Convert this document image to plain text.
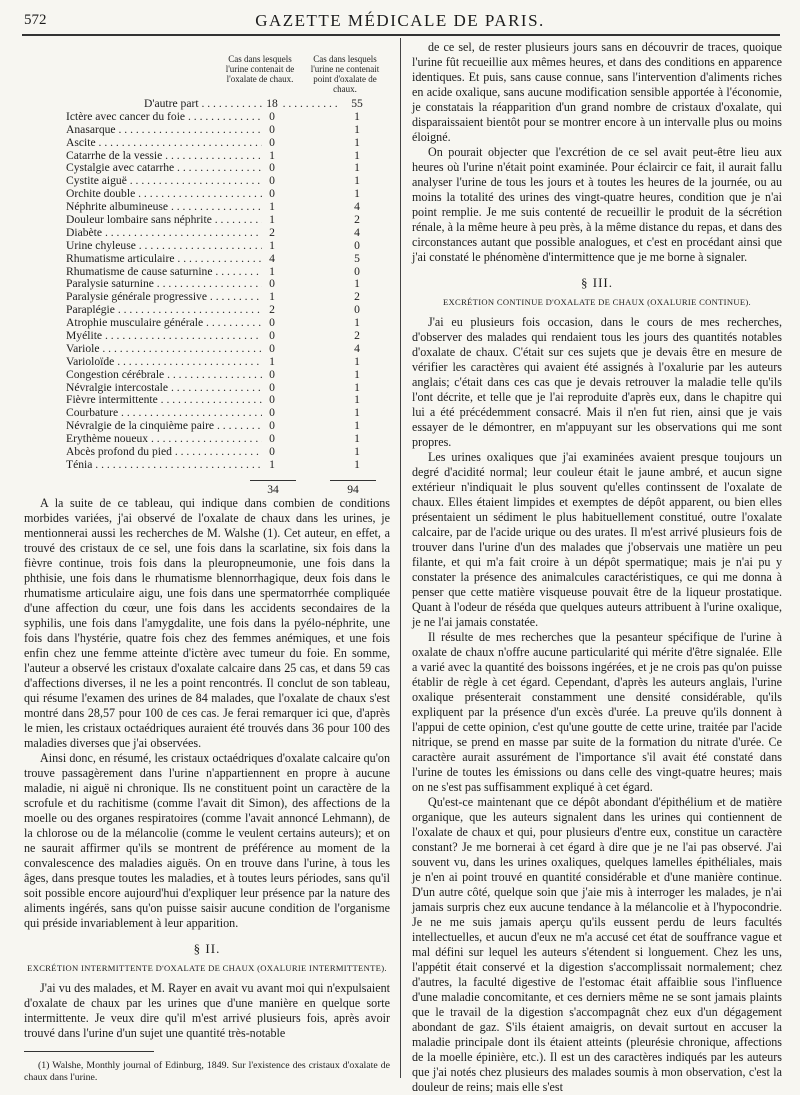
572	GAZETTE MÉDICALE DE PARIS.
Cas dans lesquels l'urine contenait de l'oxalate de chaux.
Cas dans lesquels l'urine ne contenait point d'oxalate de chaux.
D'autre part . . .	18	55
Ictère avec cancer du foie . . .	0	1
Anasarque . . .	0	1
Ascite . . .	0	1
Catarrhe de la vessie . . .	1	1
Cystalgie avec catarrhe . . .	0	1
Cystite aiguë . . .	0	1
Orchite double . . .	0	1
Néphrite albumineuse . . .	1	4
Douleur lombaire sans néphrite . . .	1	2
Diabète . . .	2	4
Urine chyleuse . . .	1	0
Rhumatisme articulaire . . .	4	5
Rhumatisme de cause saturnine . . .	1	0
Paralysie saturnine . . .	0	1
Paralysie générale progressive . . .	1	2
Paraplégie . . .	2	0
Atrophie musculaire générale . . .	0	1
Myélite . . .	0	2
Variole . . .	0	4
Varioloïde . . .	1	1
Congestion cérébrale . . .	0	1
Névralgie intercostale . . .	0	1
Fièvre intermittente . . .	0	1
Courbature . . .	0	1
Névralgie de la cinquième paire . . .	0	1
Erythème noueux . . .	0	1
Abcès profond du pied . . .	0	1
Ténia . . .	1	1
34	94

A la suite de ce tableau, qui indique dans combien de conditions morbides variées, j'ai observé de l'oxalate de chaux dans les urines, je mentionnerai aussi les recherches de M. Walshe (1). Cet auteur, en effet, a trouvé des cristaux de ce sel, une fois dans la scarlatine, six fois dans la fièvre continue, trois fois dans la pleuropneumonie, une fois dans la phthisie, une fois dans le rhumatisme blennorrhagique, deux fois dans le rhumatisme articulaire aigu, une fois dans une spermatorrhée compliquée d'une affection du cœur, une fois dans les accidents secondaires de la syphilis, une fois dans l'amygdalite, une fois dans la pyélo-néphrite, une fois dans l'hystérie, quatre fois chez des femmes anémiques, et une fois enfin chez une femme atteinte d'ictère avec tumeur du foie. En somme, l'auteur a observé les cristaux d'oxalate calcaire dans 25 cas, et dans 59 cas d'affections diverses, il ne les a point rencontrés. Il conclut de son tableau, qui résume l'examen des urines de 84 malades, que l'oxalate de chaux s'est montré dans 28,57 pour 100 de ces cas. Je ferai remarquer ici que, d'après le mien, les cristaux octaédriques auraient été trouvés dans 36 pour 100 des maladies diverses que j'ai observées.

Ainsi donc, en résumé, les cristaux octaédriques d'oxalate calcaire qu'on trouve passagèrement dans l'urine n'appartiennent en propre à aucune maladie, ni aiguë ni chronique. Ils ne constituent point un caractère de la scrofule et du rachitisme (comme l'avait dit Simon), des affections de la moelle ou des organes respiratoires (comme l'avait annoncé Lehmann), de la chlorose ou de la mélancolie (comme le veulent certains auteurs); et on ne saurait affirmer qu'ils se montrent de préférence au moment de la convalescence des maladies aiguës. On en trouve dans l'urine, à tous les âges, dans presque toutes les maladies, et à toutes leurs périodes, sans qu'il soit possible encore aujourd'hui d'expliquer leur présence par la nature des aliments ingérés, sans qu'on puisse saisir aucune condition de l'organisme qui préside invariablement à leur apparition.

§ II.
EXCRÉTION INTERMITTENTE D'OXALATE DE CHAUX (OXALURIE INTERMITTENTE).

J'ai vu des malades, et M. Rayer en avait vu avant moi qui n'expulsaient d'oxalate de chaux par les urines que d'une manière en quelque sorte intermittente. Je veux dire qu'il m'est arrivé plusieurs fois, après avoir trouvé dans l'urine d'un sujet une quantité très-notable

(1) Walshe, Monthly journal of Edinburg, 1849. Sur l'existence des cristaux d'oxalate de chaux dans l'urine.

de ce sel, de rester plusieurs jours sans en découvrir de traces, quoique l'urine fût recueillie aux mêmes heures, et dans des conditions en apparence identiques. Et puis, sans cause connue, sans l'intervention d'aliments riches en acide oxalique, sans aucune modification sensible apportée à l'économie, je constatais la réapparition d'un grand nombre de cristaux d'oxalate, qui disparaissaient bientôt pour se montrer encore à un intervalle plus ou moins éloigné.

On pourait objecter que l'excrétion de ce sel avait peut-être lieu aux heures où l'urine n'était point examinée. Pour éclaircir ce fait, il aurait fallu analyser l'urine de tous les jours et à toutes les heures de la journée, ou au moins la totalité des urines des vingt-quatre heures, condition que je n'ai point remplie. Je me suis contenté de recueillir le produit de la sécrétion rénale, à la même heure à peu près, à la même distance du repas, et dans des circonstances autant que possible analogues, et c'est en procédant ainsi que j'ai constaté le phénomène d'intermittence que je me borne à signaler.

§ III.
EXCRÉTION CONTINUE D'OXALATE DE CHAUX (OXALURIE CONTINUE).

J'ai eu plusieurs fois occasion, dans le cours de mes recherches, d'observer des malades qui rendaient tous les jours des quantités notables d'oxalate de chaux. C'était sur ces sujets que je devais être en mesure de vérifier les caractères qui avaient été assignés à l'oxalurie par les auteurs anglais; c'était dans ces cas que je devais retrouver la maladie telle qu'ils l'ont décrite, et telle que je l'ai reproduite d'après eux, dans le chapitre qui lui a été précédemment consacré. Mais il n'en fut rien, ainsi que je vais essayer de le démontrer, en m'appuyant sur les observations qui me sont propres.

Les urines oxaliques que j'ai examinées avaient presque toujours un degré d'acidité normal; leur couleur était le jaune ambré, et aucun signe extérieur n'indiquait le plus souvent qu'elles continssent de l'oxalate de chaux. Elles étaient limpides et exemptes de dépôt apparent, ou bien elles présentaient un sédiment le plus habituellement constitué, outre l'oxalate calcaire, par de l'acide urique ou des urates. Il m'est arrivé plusieurs fois de trouver dans l'urine d'un des malades que j'observais une matière un peu filante, et qui m'a fait croire à un dépôt spermatique; mais je n'ai pu y constater la présence des animalcules caractéristiques, ce qui me donna à penser que cette matière visqueuse pouvait être de la liqueur prostatique. Quant à l'odeur de réséda que quelques auteurs attribuent à l'urine oxalique, je ne l'ai jamais constatée.

Il résulte de mes recherches que la pesanteur spécifique de l'urine à oxalate de chaux n'offre aucune particularité qui mérite d'être signalée. Elle a varié avec la quantité des boissons ingérées, et je ne crois pas qu'on puisse établir de règle à cet égard. Cependant, d'après les auteurs anglais, l'urine oxalique présenterait constamment une densité considérable, qu'ils expliquent par la présence d'un excès d'urée. La preuve qu'ils donnent à l'appui de cette opinion, c'est qu'une goutte de cette urine, traitée par l'acide nitrique, se prend en masse par suite de la formation du nitrate d'urée. Ce caractère aurait assurément de l'importance s'il avait été constaté dans l'urine de toutes les émissions ou dans celle des vingt-quatre heures; mais on ne s'est pas suffisamment expliqué à cet égard.

Qu'est-ce maintenant que ce dépôt abondant d'épithélium et de matière organique, que les auteurs signalent dans les urines qui contiennent de l'oxalate de chaux et qui, pour plusieurs d'entre eux, constitue un caractère constant? Je me bornerai à cet égard à dire que je ne l'ai pas observé. J'ai souvent vu, dans les urines oxaliques, quelques lamelles épithéliales, mais je n'en ai point trouvé en quantité considérable et d'une manière continue. D'un autre côté, quelque soin que j'aie mis à interroger les malades, je n'ai jamais surpris chez eux aucune tendance à la mélancolie et à l'hypocondrie. Je ne me suis jamais aperçu qu'ils eussent perdu de leurs facultés intellectuelles, et aucun d'eux ne m'a accusé cet état de souffrance vague et mal défini sur lequel les auteurs s'étendent si longuement. Chez les uns, l'appétit était conservé et la digestion s'accomplissait normalement; chez d'autres, la faculté digestive de l'estomac était affaiblie sous l'influence d'une maladie concomitante, et ces derniers même ne se sont jamais plaints que le travail de la digestion s'accompagnât chez eux d'un dégagement abondant de gaz. S'ils étaient amaigris, on devait surtout en accuser la maladie principale dont ils étaient atteints (pleurésie chronique, affections de la moelle épinière, etc.). Il est un des caractères indiqués par les auteurs que j'ai notés chez plusieurs des malades soumis à mon observation, c'est la douleur de reins; mais elle s'est
